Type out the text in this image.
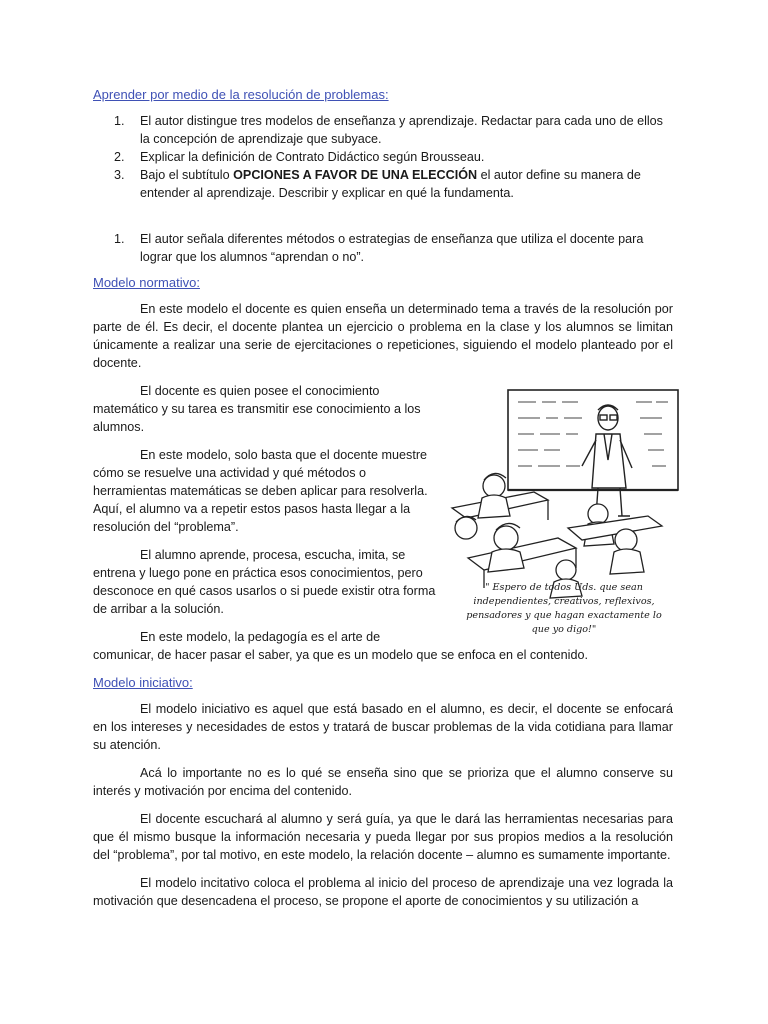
Aprender por medio de la resolución de problemas:
1. El autor distingue tres modelos de enseñanza y aprendizaje. Redactar para cada uno de ellos la concepción de aprendizaje que subyace.
2. Explicar la definición de Contrato Didáctico según Brousseau.
3. Bajo el subtítulo OPCIONES A FAVOR DE UNA ELECCIÓN el autor define su manera de entender al aprendizaje. Describir y explicar en qué la fundamenta.
1. El autor señala diferentes métodos o estrategias de enseñanza que utiliza el docente para lograr que los alumnos “aprendan o no”.
Modelo normativo:

En este modelo el docente es quien enseña un determinado tema a través de la resolución por parte de él. Es decir, el docente plantea un ejercicio o problema en la clase y los alumnos se limitan únicamente a realizar una serie de ejercitaciones o repeticiones, siguiendo el modelo planteado por el docente.

" Espero de todos Uds. que sean
independientes, creativos, reflexivos,
pensadores y que hagan exactamente lo
que yo digo!"

El docente es quien posee el conocimiento matemático y su tarea es transmitir ese conocimiento a los alumnos.

En este modelo, solo basta que el docente muestre cómo se resuelve una actividad y qué métodos o herramientas matemáticas se deben aplicar para resolverla. Aquí, el alumno va a repetir estos pasos hasta llegar a la resolución del “problema”.

El alumno aprende, procesa, escucha, imita, se entrena y luego pone en práctica esos conocimientos, pero desconoce en qué casos usarlos o si puede existir otra forma de arribar a la solución.

En este modelo, la pedagogía es el arte de comunicar, de hacer pasar el saber, ya que es un modelo que se enfoca en el contenido.

Modelo iniciativo:

El modelo iniciativo es aquel que está basado en el alumno, es decir, el docente se enfocará en los intereses y necesidades de estos y tratará de buscar problemas de la vida cotidiana para llamar su atención.

Acá lo importante no es lo qué se enseña sino que se prioriza que el alumno conserve su interés y motivación por encima del contenido.

El docente escuchará al alumno y será guía, ya que le dará las herramientas necesarias para que él mismo busque la información necesaria y pueda llegar por sus propios medios a la resolución del “problema”, por tal motivo, en este modelo, la relación docente – alumno es sumamente importante.

El modelo incitativo coloca el problema al inicio del proceso de aprendizaje una vez lograda la motivación que desencadena el proceso, se propone el aporte de conocimientos y su utilización a
